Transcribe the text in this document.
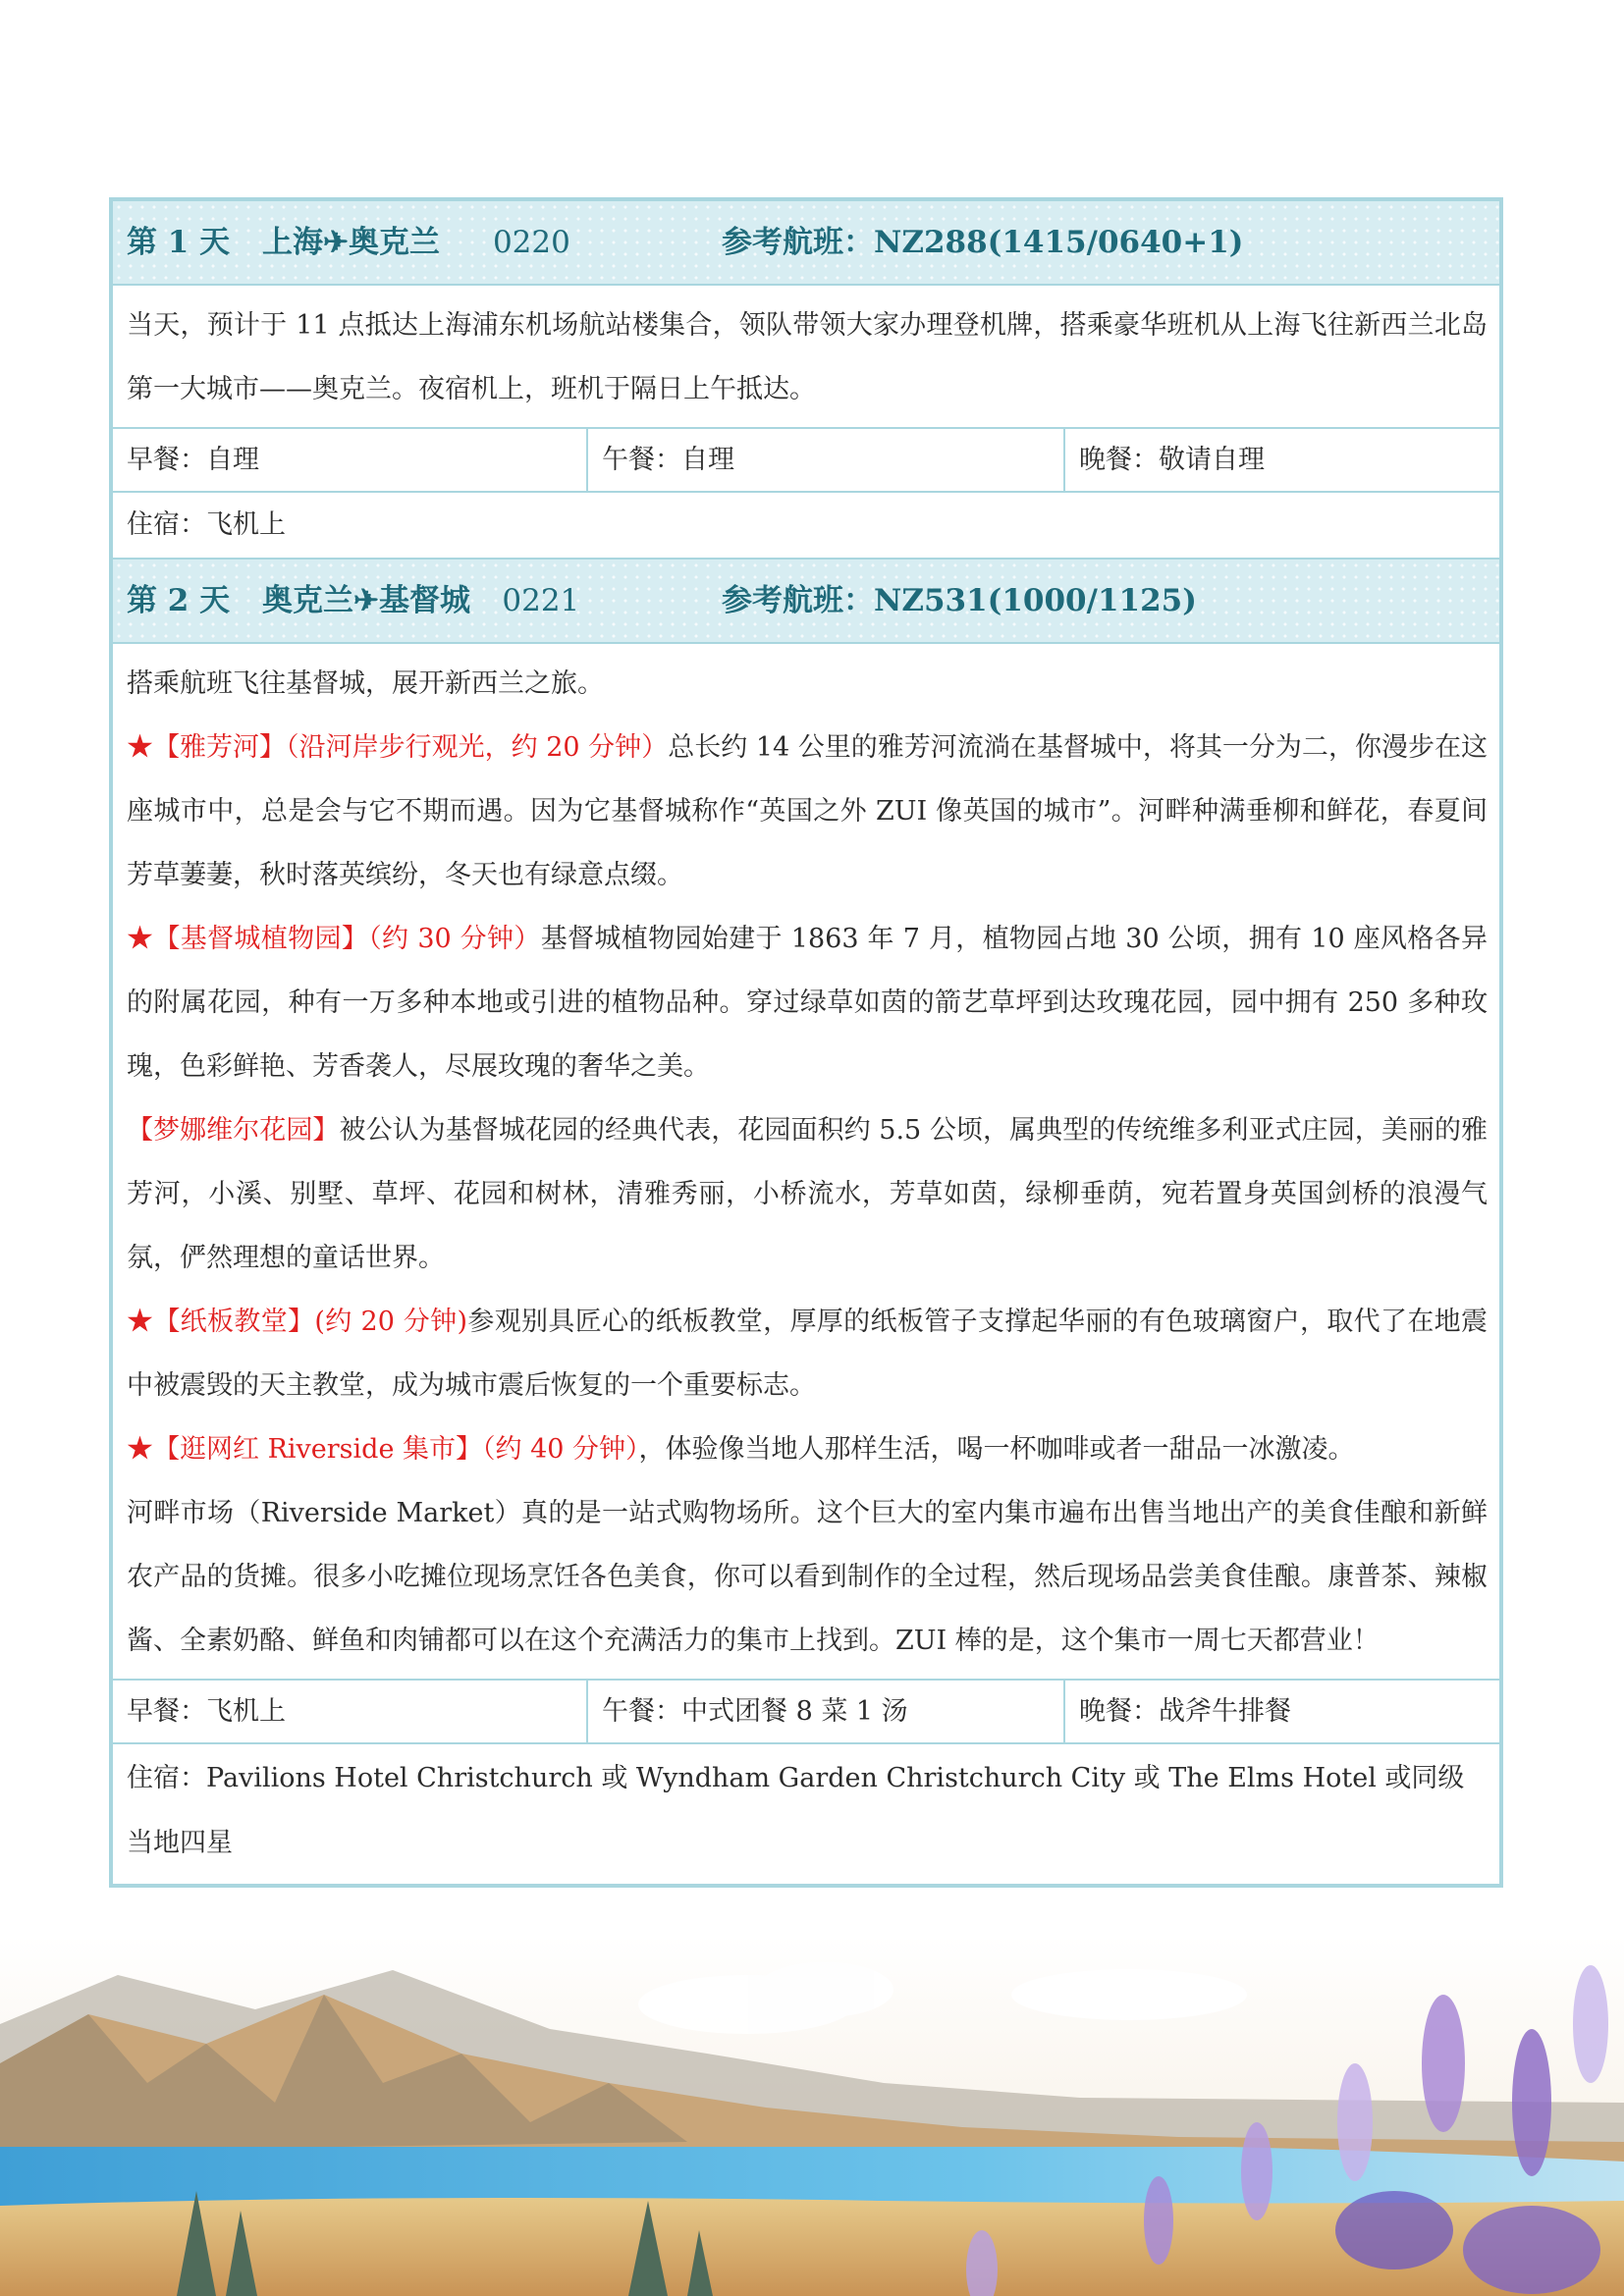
第 1 天 上海✈奥克兰 0220	参考航班：NZ288(1415/0640+1)

当天，预计于 11 点抵达上海浦东机场航站楼集合，领队带领大家办理登机牌，搭乘豪华班机从上海飞往新西兰北岛第一大城市——奥克兰。夜宿机上，班机于隔日上午抵达。

早餐：自理	午餐：自理	晚餐：敬请自理
住宿：飞机上
第 2 天 奥克兰✈基督城 0221	参考航班：NZ531(1000/1125)

搭乘航班飞往基督城，展开新西兰之旅。

★【雅芳河】（沿河岸步行观光，约 20 分钟）总长约 14 公里的雅芳河流淌在基督城中，将其一分为二，你漫步在这座城市中，总是会与它不期而遇。因为它基督城称作“英国之外 ZUI 像英国的城市”。河畔种满垂柳和鲜花，春夏间芳草萋萋，秋时落英缤纷，冬天也有绿意点缀。

★【基督城植物园】（约 30 分钟）基督城植物园始建于 1863 年 7 月，植物园占地 30 公顷，拥有 10 座风格各异的附属花园，种有一万多种本地或引进的植物品种。穿过绿草如茵的箭艺草坪到达玫瑰花园，园中拥有 250 多种玫瑰，色彩鲜艳、芳香袭人，尽展玫瑰的奢华之美。

【梦娜维尔花园】被公认为基督城花园的经典代表，花园面积约 5.5 公顷，属典型的传统维多利亚式庄园，美丽的雅芳河，小溪、别墅、草坪、花园和树林，清雅秀丽，小桥流水，芳草如茵，绿柳垂荫，宛若置身英国剑桥的浪漫气氛，俨然理想的童话世界。

★【纸板教堂】(约 20 分钟)参观别具匠心的纸板教堂，厚厚的纸板管子支撑起华丽的有色玻璃窗户，取代了在地震中被震毁的天主教堂，成为城市震后恢复的一个重要标志。

★【逛网红 Riverside 集市】（约 40 分钟），体验像当地人那样生活，喝一杯咖啡或者一甜品一冰激凌。

河畔市场（Riverside Market）真的是一站式购物场所。这个巨大的室内集市遍布出售当地出产的美食佳酿和新鲜农产品的货摊。很多小吃摊位现场烹饪各色美食，你可以看到制作的全过程，然后现场品尝美食佳酿。康普茶、辣椒酱、全素奶酪、鲜鱼和肉铺都可以在这个充满活力的集市上找到。ZUI 棒的是，这个集市一周七天都营业！

早餐：飞机上	午餐：中式团餐 8 菜 1 汤	晚餐：战斧牛排餐
住宿：Pavilions Hotel Christchurch 或 Wyndham Garden Christchurch City 或 The Elms Hotel 或同级当地四星
